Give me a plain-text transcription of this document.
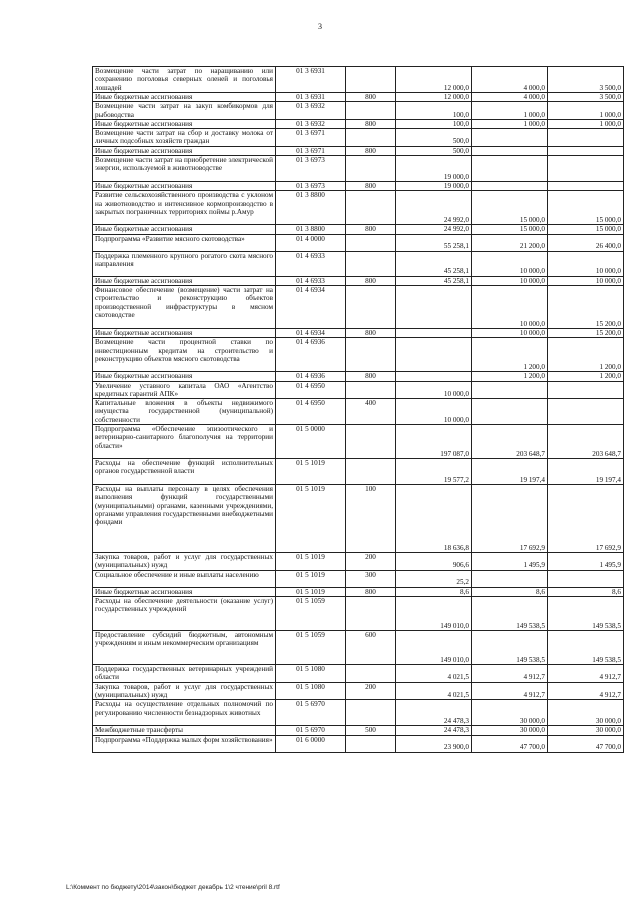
3
Возмещение части затрат по наращиванию или сохранению поголовья северных оленей и поголовья лошадей	01 3 6931		12 000,0	4 000,0	3 500,0
Иные бюджетные ассигнования	01 3 6931	800	12 000,0	4 000,0	3 500,0
Возмещение части затрат на закуп комбикормов для рыбоводства	01 3 6932		100,0	1 000,0	1 000,0
Иные бюджетные ассигнования	01 3 6932	800	100,0	1 000,0	1 000,0
Возмещение части затрат на сбор и доставку молока от личных подсобных хозяйств граждан	01 3 6971		500,0		
Иные бюджетные ассигнования	01 3 6971	800	500,0		
Возмещение части затрат на приобретение электрической энергии, используемой в животноводстве	01 3 6973		19 000,0		
Иные бюджетные ассигнования	01 3 6973	800	19 000,0		
Развитие сельскохозяйственного производства с уклоном на животноводство и интенсивное кормопроизводство в закрытых пограничных территориях поймы р.Амур	01 3 8800		24 992,0	15 000,0	15 000,0
Иные бюджетные ассигнования	01 3 8800	800	24 992,0	15 000,0	15 000,0
Подпрограмма «Развитие мясного скотоводства»	01 4 0000		55 258,1	21 200,0	26 400,0
Поддержка племенного крупного рогатого скота мясного направления	01 4 6933		45 258,1	10 000,0	10 000,0
Иные бюджетные ассигнования	01 4 6933	800	45 258,1	10 000,0	10 000,0
Финансовое обеспечение (возмещение) части затрат на строительство и реконструкцию объектов производственной инфраструктуры в мясном скотоводстве	01 4 6934			10 000,0	15 200,0
Иные бюджетные ассигнования	01 4 6934	800		10 000,0	15 200,0
Возмещение части процентной ставки по инвестиционным кредитам на строительство и реконструкцию объектов мясного скотоводства	01 4 6936			1 200,0	1 200,0
Иные бюджетные ассигнования	01 4 6936	800		1 200,0	1 200,0
Увеличение уставного капитала ОАО «Агентство кредитных гарантий АПК»	01 4 6950		10 000,0		
Капитальные вложения в объекты недвижимого имущества государственной (муниципальной) собственности	01 4 6950	400	10 000,0		
Подпрограмма «Обеспечение эпизоотического и ветеринарно-санитарного благополучия на территории области»	01 5 0000		197 087,0	203 648,7	203 648,7
Расходы на обеспечение функций исполнительных органов государственной власти	01 5 1019		19 577,2	19 197,4	19 197,4
Расходы на выплаты персоналу в целях обеспечения выполнения функций государственными (муниципальными) органами, казенными учреждениями, органами управления государственными внебюджетными фондами	01 5 1019	100	18 636,8	17 692,9	17 692,9
Закупка товаров, работ и услуг для государственных (муниципальных) нужд	01 5 1019	200	906,6	1 495,9	1 495,9
Социальное обеспечение и иные выплаты населению	01 5 1019	300	25,2		
Иные бюджетные ассигнования	01 5 1019	800	8,6	8,6	8,6
Расходы на обеспечение деятельности (оказание услуг) государственных учреждений	01 5 1059		149 010,0	149 538,5	149 538,5
Предоставление субсидий бюджетным, автономным учреждениям и иным некоммерческим организациям	01 5 1059	600	149 010,0	149 538,5	149 538,5
Поддержка государственных ветеринарных учреждений области	01 5 1080		4 021,5	4 912,7	4 912,7
Закупка товаров, работ и услуг для государственных (муниципальных) нужд	01 5 1080	200	4 021,5	4 912,7	4 912,7
Расходы на осуществление отдельных полномочий по регулированию численности безнадзорных животных	01 5 6970		24 478,3	30 000,0	30 000,0
Межбюджетные трансферты	01 5 6970	500	24 478,3	30 000,0	30 000,0
Подпрограмма «Поддержка малых форм хозяйствования»	01 6 0000		23 900,0	47 700,0	47 700,0
L:\Коммент по бюджету\2014\закон\бюджет декабрь 1\2 чтение\pril 8.rtf
